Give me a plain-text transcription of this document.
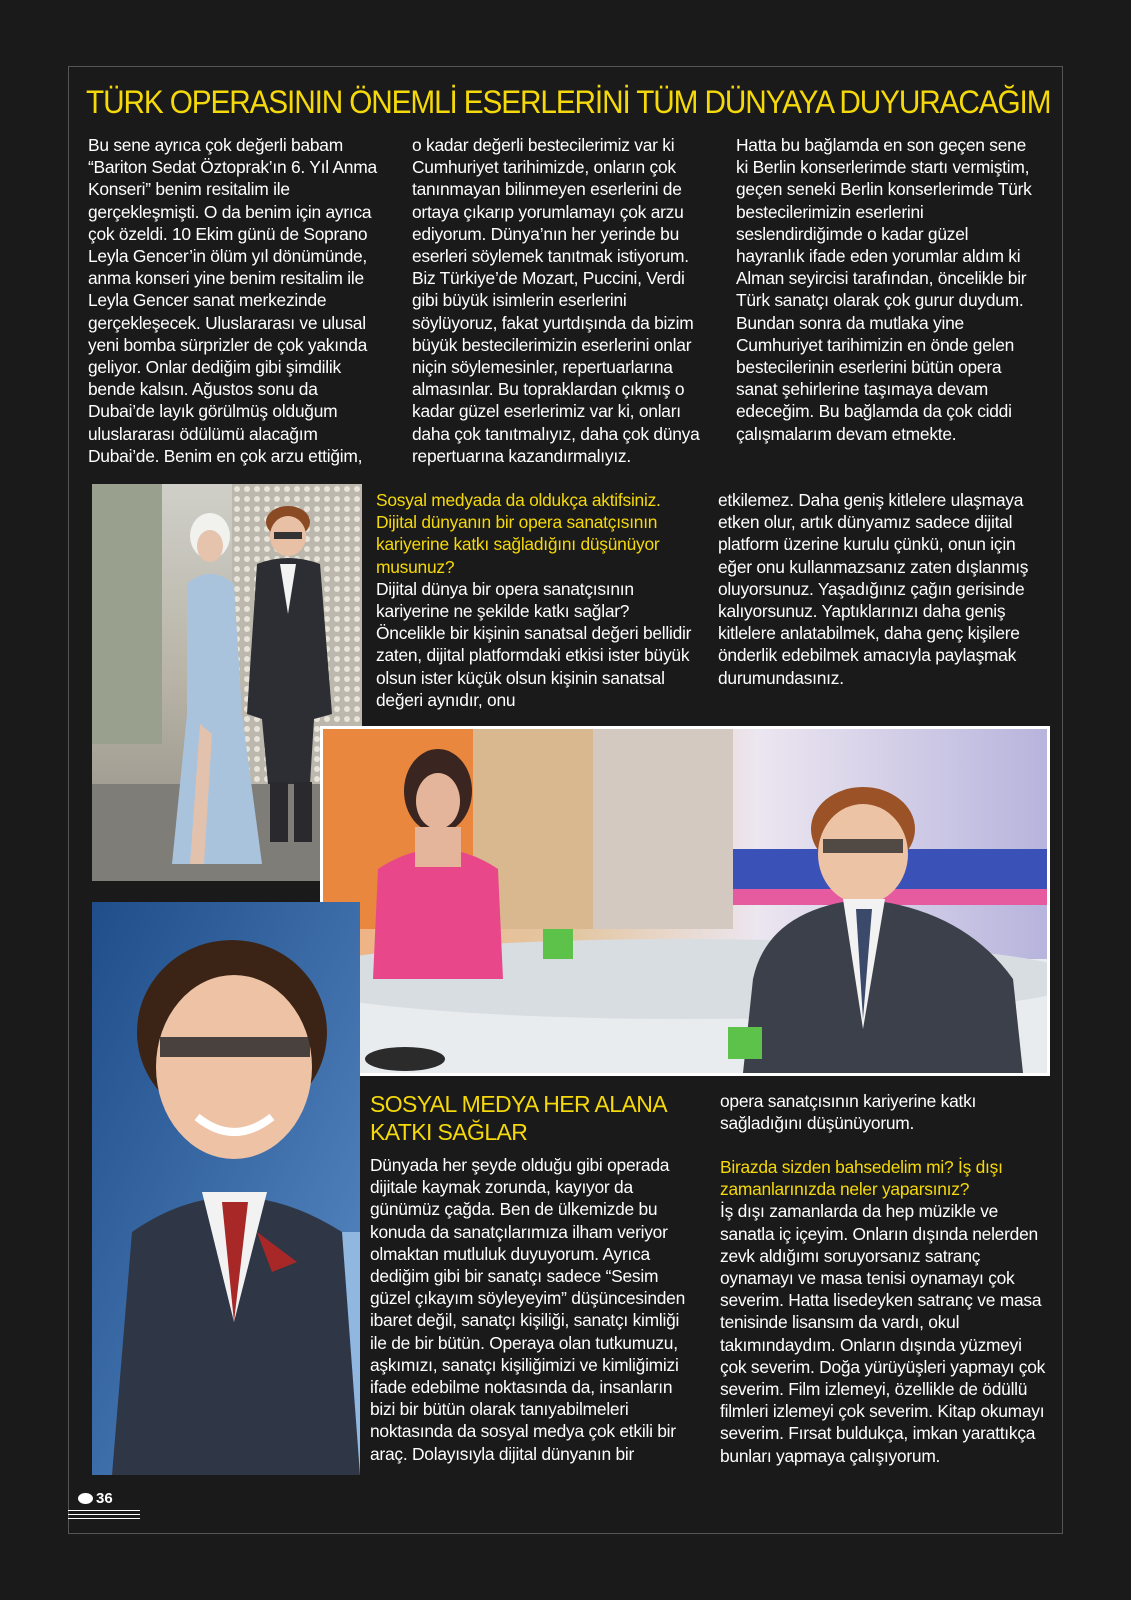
TÜRK OPERASININ ÖNEMLİ ESERLERİNİ TÜM DÜNYAYA DUYURACAĞIM

Bu sene ayrıca çok değerli babam “Bariton Sedat Öztoprak’ın 6. Yıl Anma Konseri” benim resitalim ile gerçekleşmişti. O da benim için ayrıca çok özeldi. 10 Ekim günü de Soprano Leyla Gencer’in ölüm yıl dönümünde, anma konseri yine benim resitalim ile Leyla Gencer sanat merkezinde gerçekleşecek. Uluslararası ve ulusal yeni bomba sürprizler de çok yakında geliyor. Onlar dediğim gibi şimdilik bende kalsın. Ağustos sonu da Dubai’de layık görülmüş olduğum uluslararası ödülümü alacağım Dubai’de. Benim en çok arzu ettiğim,

o kadar değerli bestecilerimiz var ki Cumhuriyet tarihimizde, onların çok tanınmayan bilinmeyen eserlerini de ortaya çıkarıp yorumlamayı çok arzu ediyorum. Dünya’nın her yerinde bu eserleri söylemek tanıtmak istiyorum. Biz Türkiye’de Mozart, Puccini, Verdi gibi büyük isimlerin eserlerini söylüyoruz, fakat yurtdışında da bizim büyük bestecilerimizin eserlerini onlar niçin söylemesinler, repertuarlarına almasınlar. Bu topraklardan çıkmış o kadar güzel eserlerimiz var ki, onları daha çok tanıtmalıyız, daha çok dünya repertuarına kazandırmalıyız.

Hatta bu bağlamda en son geçen sene ki Berlin konserlerimde startı vermiştim, geçen seneki Berlin konserlerimde Türk bestecilerimizin eserlerini seslendirdiğimde o kadar güzel hayranlık ifade eden yorumlar aldım ki Alman seyircisi tarafından, öncelikle bir Türk sanatçı olarak çok gurur duydum. Bundan sonra da mutlaka yine Cumhuriyet tarihimizin en önde gelen bestecilerinin eserlerini bütün opera sanat şehirlerine taşımaya devam edeceğim. Bu bağlamda da çok ciddi çalışmalarım devam etmekte.

Sosyal medyada da oldukça aktifsiniz. Dijital dünyanın bir opera sanatçısının kariyerine katkı sağladığını düşünüyor musunuz?
Dijital dünya bir opera sanatçısının kariyerine ne şekilde katkı sağlar? Öncelikle bir kişinin sanatsal değeri bellidir zaten, dijital platformdaki etkisi ister büyük olsun ister küçük olsun kişinin sanatsal değeri aynıdır, onu

etkilemez. Daha geniş kitlelere ulaşmaya etken olur, artık dünyamız sadece dijital platform üzerine kurulu çünkü, onun için eğer onu kullanmazsanız zaten dışlanmış oluyorsunuz. Yaşadığınız çağın gerisinde kalıyorsunuz. Yaptıklarınızı daha geniş kitlelere anlatabilmek, daha genç kişilere önderlik edebilmek amacıyla paylaşmak durumundasınız.

SOSYAL MEDYA HER ALANA KATKI SAĞLAR

Dünyada her şeyde olduğu gibi operada dijitale kaymak zorunda, kayıyor da günümüz çağda. Ben de ülkemizde bu konuda da sanatçılarımıza ilham veriyor olmaktan mutluluk duyuyorum. Ayrıca dediğim gibi bir sanatçı sadece “Sesim güzel çıkayım söyleyeyim” düşüncesinden ibaret değil, sanatçı kişiliği, sanatçı kimliği ile de bir bütün. Operaya olan tutkumuzu, aşkımızı, sanatçı kişiliğimizi ve kimliğimizi ifade edebilme noktasında da, insanların bizi bir bütün olarak tanıyabilmeleri noktasında da sosyal medya çok etkili bir araç. Dolayısıyla dijital dünyanın bir

opera sanatçısının kariyerine katkı sağladığını düşünüyorum.

Birazda sizden bahsedelim mi? İş dışı zamanlarınızda neler yaparsınız?
İş dışı zamanlarda da hep müzikle ve sanatla iç içeyim. Onların dışında nelerden zevk aldığımı soruyorsanız satranç oynamayı ve masa tenisi oynamayı çok severim. Hatta lisedeyken satranç ve masa tenisinde lisansım da vardı, okul takımındaydım. Onların dışında yüzmeyi çok severim. Doğa yürüyüşleri yapmayı çok severim. Film izlemeyi, özellikle de ödüllü filmleri izlemeyi çok severim. Kitap okumayı severim. Fırsat buldukça, imkan yarattıkça bunları yapmaya çalışıyorum.
36
